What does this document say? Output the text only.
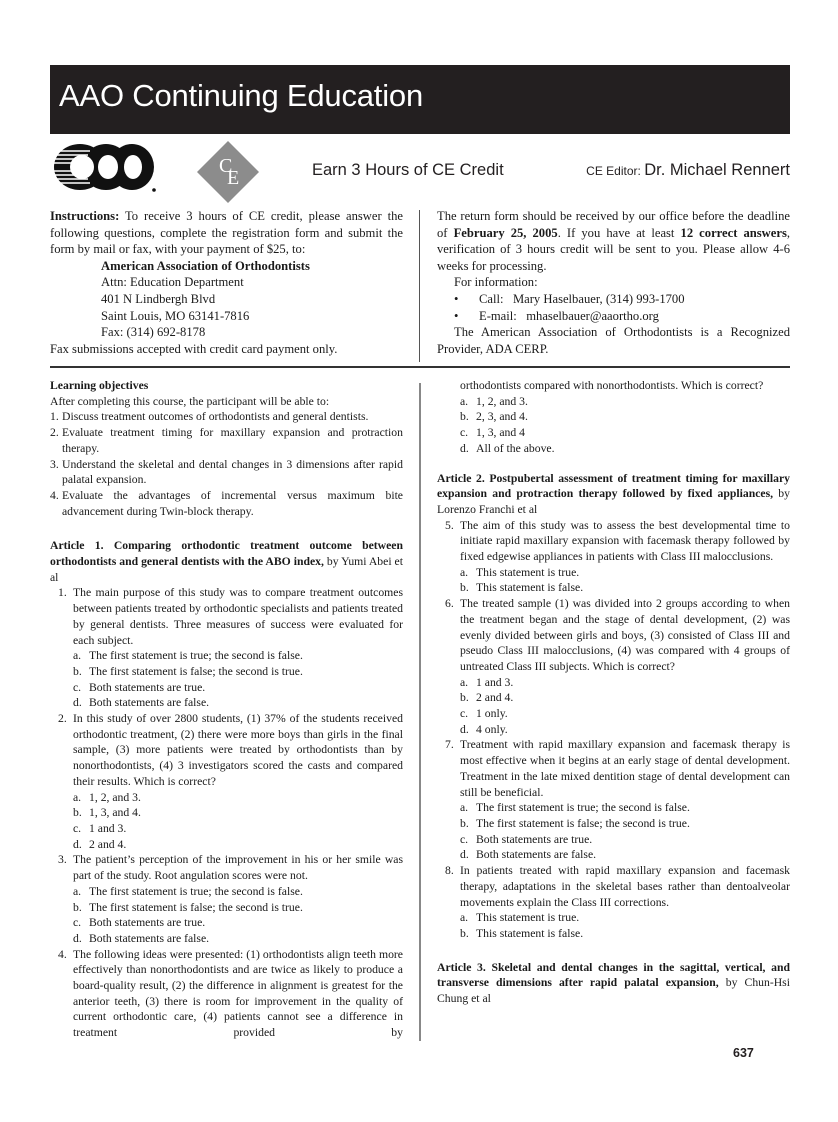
AAO Continuing Education
C
E	Earn 3 Hours of CE Credit	CE Editor: Dr. Michael Rennert
Instructions: To receive 3 hours of CE credit, please answer the following questions, complete the registration form and submit the form by mail or fax, with your payment of $25, to:
American Association of Orthodontists
Attn: Education Department
401 N Lindbergh Blvd
Saint Louis, MO 63141-7816
Fax: (314) 692-8178
Fax submissions accepted with credit card payment only.
The return form should be received by our office before the deadline of February 25, 2005. If you have at least 12 correct answers, verification of 3 hours credit will be sent to you. Please allow 4-6 weeks for processing.
For information:
• Call: Mary Haselbauer, (314) 993-1700
• E-mail: mhaselbauer@aaortho.org
The American Association of Orthodontists is a Recognized Provider, ADA CERP.
Learning objectives
After completing this course, the participant will be able to:
1. Discuss treatment outcomes of orthodontists and general dentists.
2. Evaluate treatment timing for maxillary expansion and protraction therapy.
3. Understand the skeletal and dental changes in 3 dimensions after rapid palatal expansion.
4. Evaluate the advantages of incremental versus maximum bite advancement during Twin-block therapy.
Article 1. Comparing orthodontic treatment outcome between orthodontists and general dentists with the ABO index, by Yumi Abei et al
1. The main purpose of this study was to compare treatment outcomes between patients treated by orthodontic specialists and patients treated by general dentists. Three measures of success were evaluated for each subject.
a. The first statement is true; the second is false.
b. The first statement is false; the second is true.
c. Both statements are true.
d. Both statements are false.
2. In this study of over 2800 students, (1) 37% of the students received orthodontic treatment, (2) there were more boys than girls in the final sample, (3) more patients were treated by orthodontists than by nonorthodontists, (4) 3 investigators scored the casts and compared their results. Which is correct?
a. 1, 2, and 3.
b. 1, 3, and 4.
c. 1 and 3.
d. 2 and 4.
3. The patient’s perception of the improvement in his or her smile was part of the study. Root angulation scores were not.
a. The first statement is true; the second is false.
b. The first statement is false; the second is true.
c. Both statements are true.
d. Both statements are false.
4. The following ideas were presented: (1) orthodontists align teeth more effectively than nonorthodontists and are twice as likely to produce a board-quality result, (2) the difference in alignment is greatest for the anterior teeth, (3) there is room for improvement in the quality of current orthodontic care, (4) patients cannot see a difference in treatment provided by
orthodontists compared with nonorthodontists. Which is correct?
a. 1, 2, and 3.
b. 2, 3, and 4.
c. 1, 3, and 4
d. All of the above.
Article 2. Postpubertal assessment of treatment timing for maxillary expansion and protraction therapy followed by fixed appliances, by Lorenzo Franchi et al
5. The aim of this study was to assess the best developmental time to initiate rapid maxillary expansion with facemask therapy followed by fixed edgewise appliances in patients with Class III malocclusions.
a. This statement is true.
b. This statement is false.
6. The treated sample (1) was divided into 2 groups according to when the treatment began and the stage of dental development, (2) was evenly divided between girls and boys, (3) consisted of Class III and pseudo Class III malocclusions, (4) was compared with 4 groups of untreated Class III subjects. Which is correct?
a. 1 and 3.
b. 2 and 4.
c. 1 only.
d. 4 only.
7. Treatment with rapid maxillary expansion and facemask therapy is most effective when it begins at an early stage of dental development. Treatment in the late mixed dentition stage of dental development can still be beneficial.
a. The first statement is true; the second is false.
b. The first statement is false; the second is true.
c. Both statements are true.
d. Both statements are false.
8. In patients treated with rapid maxillary expansion and facemask therapy, adaptations in the skeletal bases rather than dentoalveolar movements explain the Class III corrections.
a. This statement is true.
b. This statement is false.
Article 3. Skeletal and dental changes in the sagittal, vertical, and transverse dimensions after rapid palatal expansion, by Chun-Hsi Chung et al
637
